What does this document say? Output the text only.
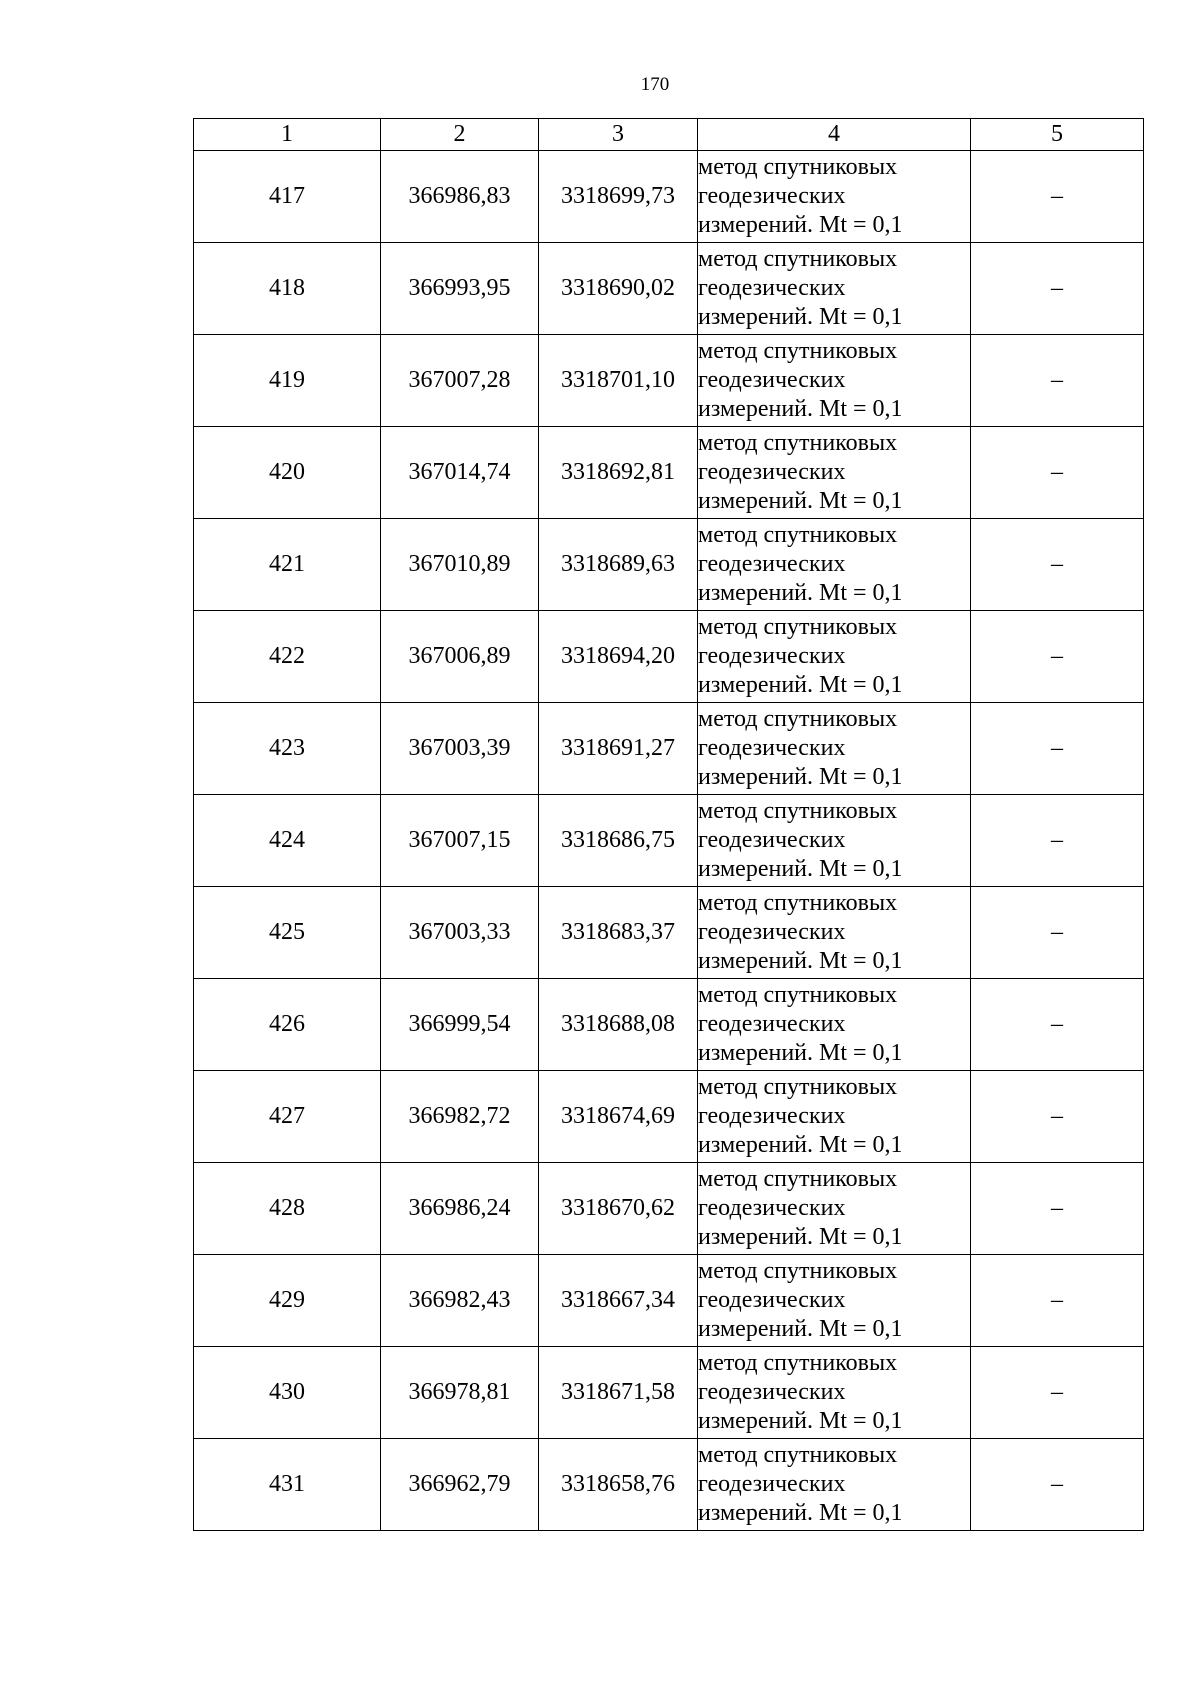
170
1	2	3	4	5
417	366986,83	3318699,73	метод спутниковых
геодезических
измерений. Mt = 0,1	–
418	366993,95	3318690,02	метод спутниковых
геодезических
измерений. Mt = 0,1	–
419	367007,28	3318701,10	метод спутниковых
геодезических
измерений. Mt = 0,1	–
420	367014,74	3318692,81	метод спутниковых
геодезических
измерений. Mt = 0,1	–
421	367010,89	3318689,63	метод спутниковых
геодезических
измерений. Mt = 0,1	–
422	367006,89	3318694,20	метод спутниковых
геодезических
измерений. Mt = 0,1	–
423	367003,39	3318691,27	метод спутниковых
геодезических
измерений. Mt = 0,1	–
424	367007,15	3318686,75	метод спутниковых
геодезических
измерений. Mt = 0,1	–
425	367003,33	3318683,37	метод спутниковых
геодезических
измерений. Mt = 0,1	–
426	366999,54	3318688,08	метод спутниковых
геодезических
измерений. Mt = 0,1	–
427	366982,72	3318674,69	метод спутниковых
геодезических
измерений. Mt = 0,1	–
428	366986,24	3318670,62	метод спутниковых
геодезических
измерений. Mt = 0,1	–
429	366982,43	3318667,34	метод спутниковых
геодезических
измерений. Mt = 0,1	–
430	366978,81	3318671,58	метод спутниковых
геодезических
измерений. Mt = 0,1	–
431	366962,79	3318658,76	метод спутниковых
геодезических
измерений. Mt = 0,1	–
